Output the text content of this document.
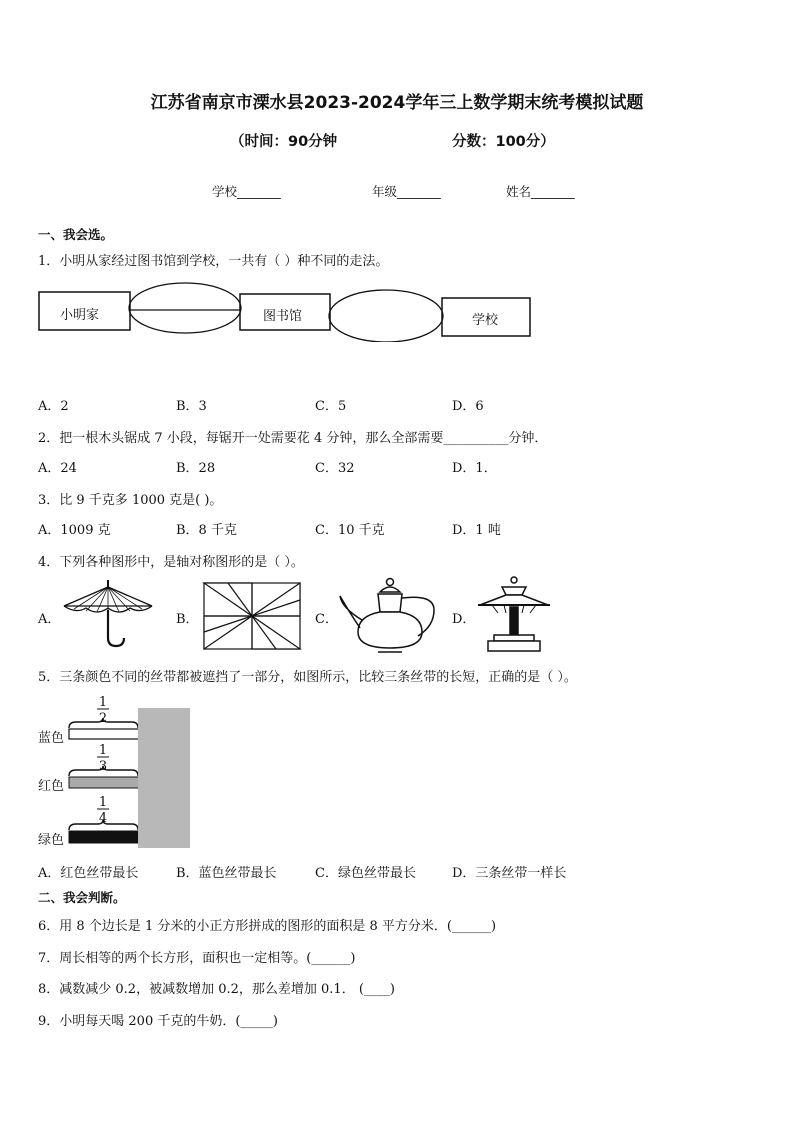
江苏省南京市溧水县2023-2024学年三上数学期末统考模拟试题
（时间：90分钟	分数：100分）
学校_______	年级_______	姓名_______
一、我会选。
1．小明从家经过图书馆到学校，一共有（ ）种不同的走法。
小明家	图书馆	学校
A．2	B．3	C．5	D．6
2．把一根木头锯成 7 小段，每锯开一处需要花 4 分钟，那么全部需要__________分钟．
A．24	B．28	C．32	D．1．
3．比 9 千克多 1000 克是( )。
A．1009 克	B．8 千克	C．10 千克	D．1 吨
4．下列各种图形中，是轴对称图形的是（ ）。
A．	B．	C．	D．
5．三条颜色不同的丝带都被遮挡了一部分，如图所示，比较三条丝带的长短，正确的是（ ）。
1
2
1
3
1
4
蓝色
红色
绿色
A．红色丝带最长	B．蓝色丝带最长	C．绿色丝带最长	D．三条丝带一样长
二、我会判断。
6．用 8 个边长是 1 分米的小正方形拼成的图形的面积是 8 平方分米．(______)
7．周长相等的两个长方形，面积也一定相等。(______)
8．减数减少 0.2，被减数增加 0.2，那么差增加 0.1． (____)
9．小明每天喝 200 千克的牛奶．(_____)
